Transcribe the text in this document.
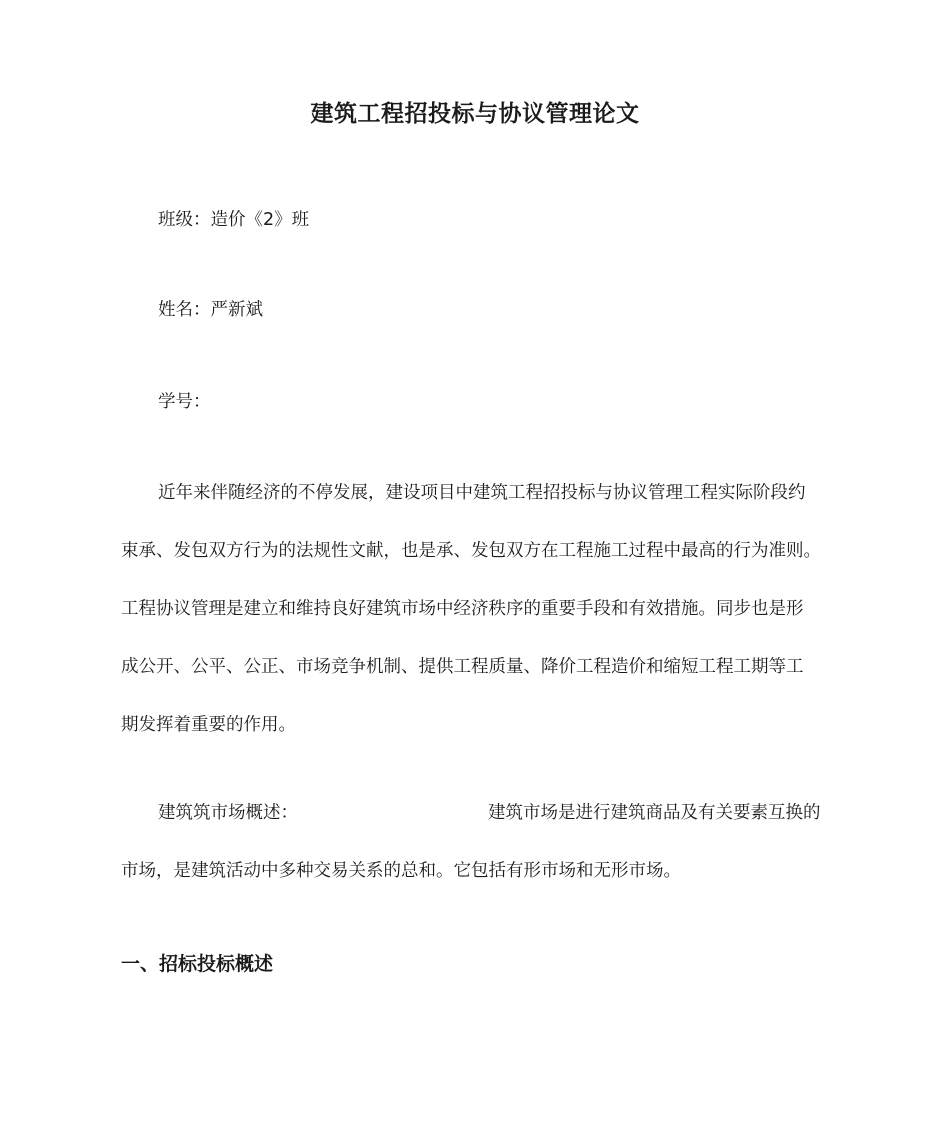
建筑工程招投标与协议管理论文
班级：造价《2》班
姓名：严新斌
学号：
近年来伴随经济的不停发展，建设项目中建筑工程招投标与协议管理工程实际阶段约
束承、发包双方行为的法规性文献，也是承、发包双方在工程施工过程中最高的行为准则。
工程协议管理是建立和维持良好建筑市场中经济秩序的重要手段和有效措施。同步也是形
成公开、公平、公正、市场竞争机制、提供工程质量、降价工程造价和缩短工程工期等工
期发挥着重要的作用。
建筑筑市场概述：	建筑市场是进行建筑商品及有关要素互换的
市场，是建筑活动中多种交易关系的总和。它包括有形市场和无形市场。
一、招标投标概述
